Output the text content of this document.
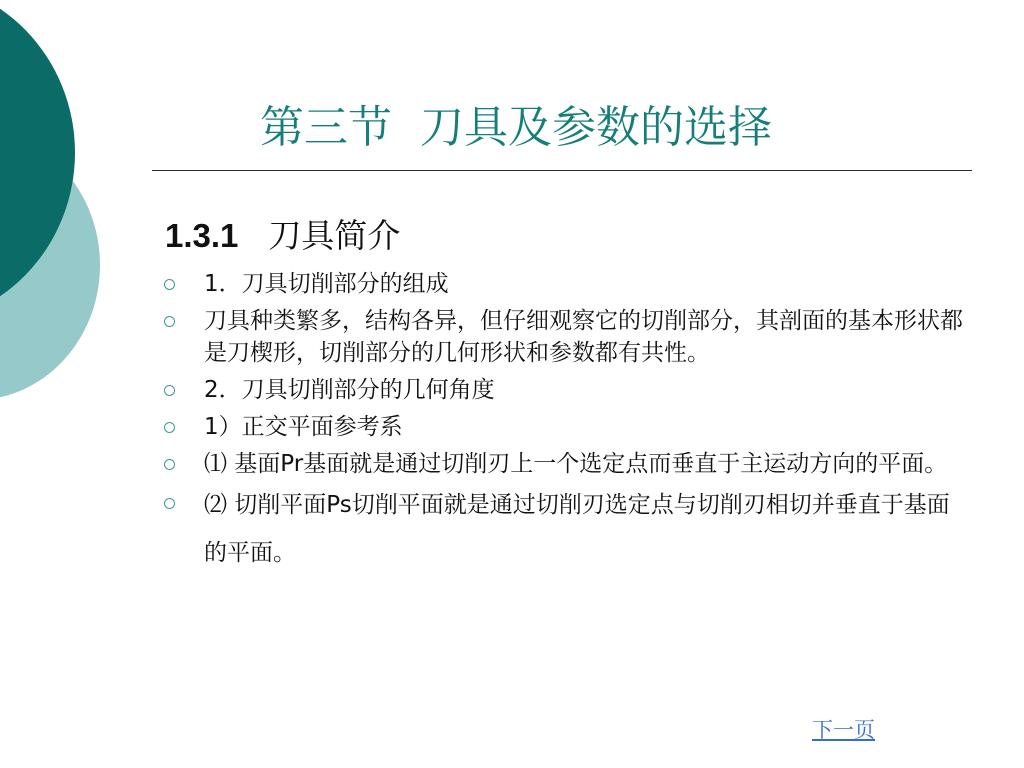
第三节  刀具及参数的选择
1.3.1 刀具简介
1．刀具切削部分的组成
刀具种类繁多，结构各异，但仔细观察它的切削部分，其剖面的基本形状都是刀楔形，切削部分的几何形状和参数都有共性。
2．刀具切削部分的几何角度
1）正交平面参考系
⑴ 基面Pr基面就是通过切削刃上一个选定点而垂直于主运动方向的平面。
⑵ 切削平面Ps切削平面就是通过切削刃选定点与切削刃相切并垂直于基面的平面。
下一页
